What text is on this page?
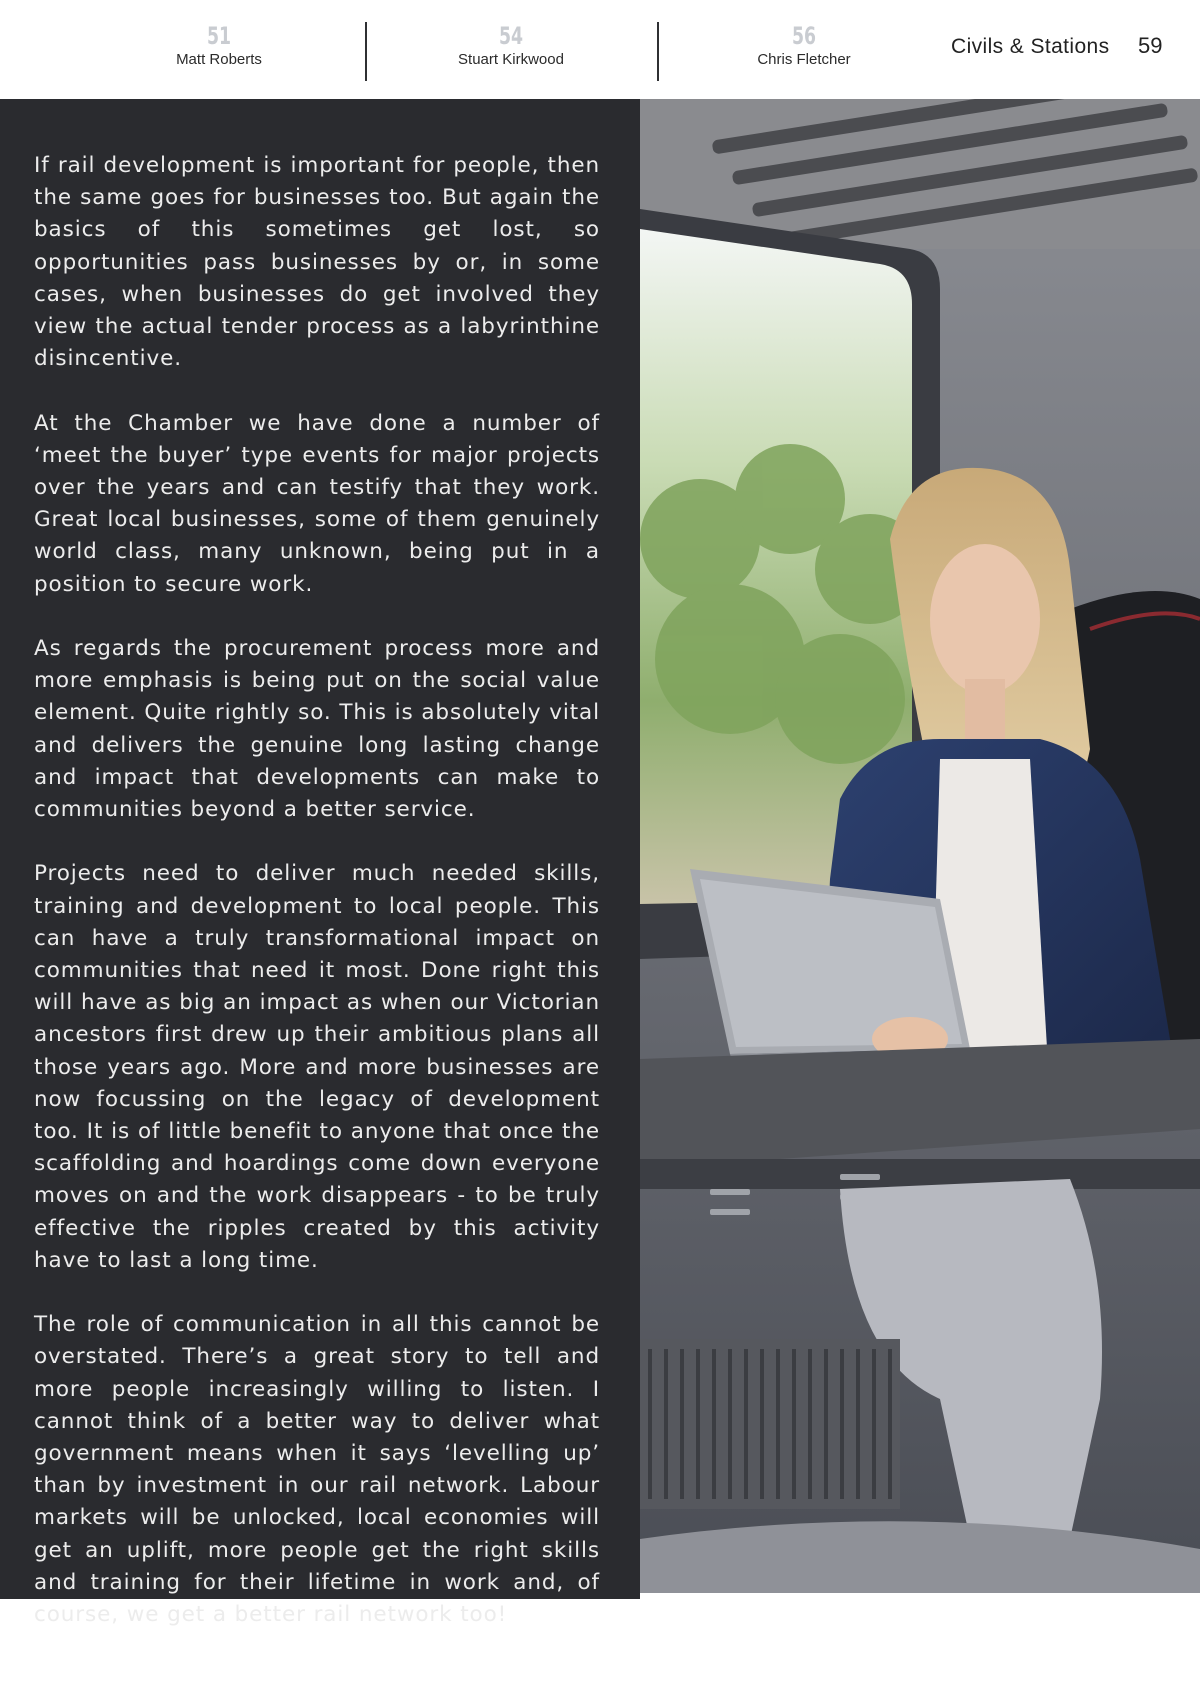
51
Matt Roberts
54
Stuart Kirkwood
56
Chris Fletcher
Civils & Stations 59

If rail development is important for people, then the same goes for businesses too. But again the basics of this sometimes get lost, so opportunities pass businesses by or, in some cases, when businesses do get involved they view the actual tender process as a labyrinthine disincentive.

At the Chamber we have done a number of ‘meet the buyer’ type events for major projects over the years and can testify that they work. Great local businesses, some of them genuinely world class, many unknown, being put in a position to secure work.

As regards the procurement process more and more emphasis is being put on the social value element. Quite rightly so. This is absolutely vital and delivers the genuine long lasting change and impact that developments can make to communities beyond a better service.

Projects need to deliver much needed skills, training and development to local people. This can have a truly transformational impact on communities that need it most. Done right this will have as big an impact as when our Victorian ancestors first drew up their ambitious plans all those years ago. More and more businesses are now focussing on the legacy of development too. It is of little benefit to anyone that once the scaffolding and hoardings come down everyone moves on and the work disappears - to be truly effective the ripples created by this activity have to last a long time.

The role of communication in all this cannot be overstated. There’s a great story to tell and more people increasingly willing to listen. I cannot think of a better way to deliver what government means when it says ‘levelling up’ than by investment in our rail network. Labour markets will be unlocked, local economies will get an uplift, more people get the right skills and training for their lifetime in work and, of course, we get a better rail network too!
